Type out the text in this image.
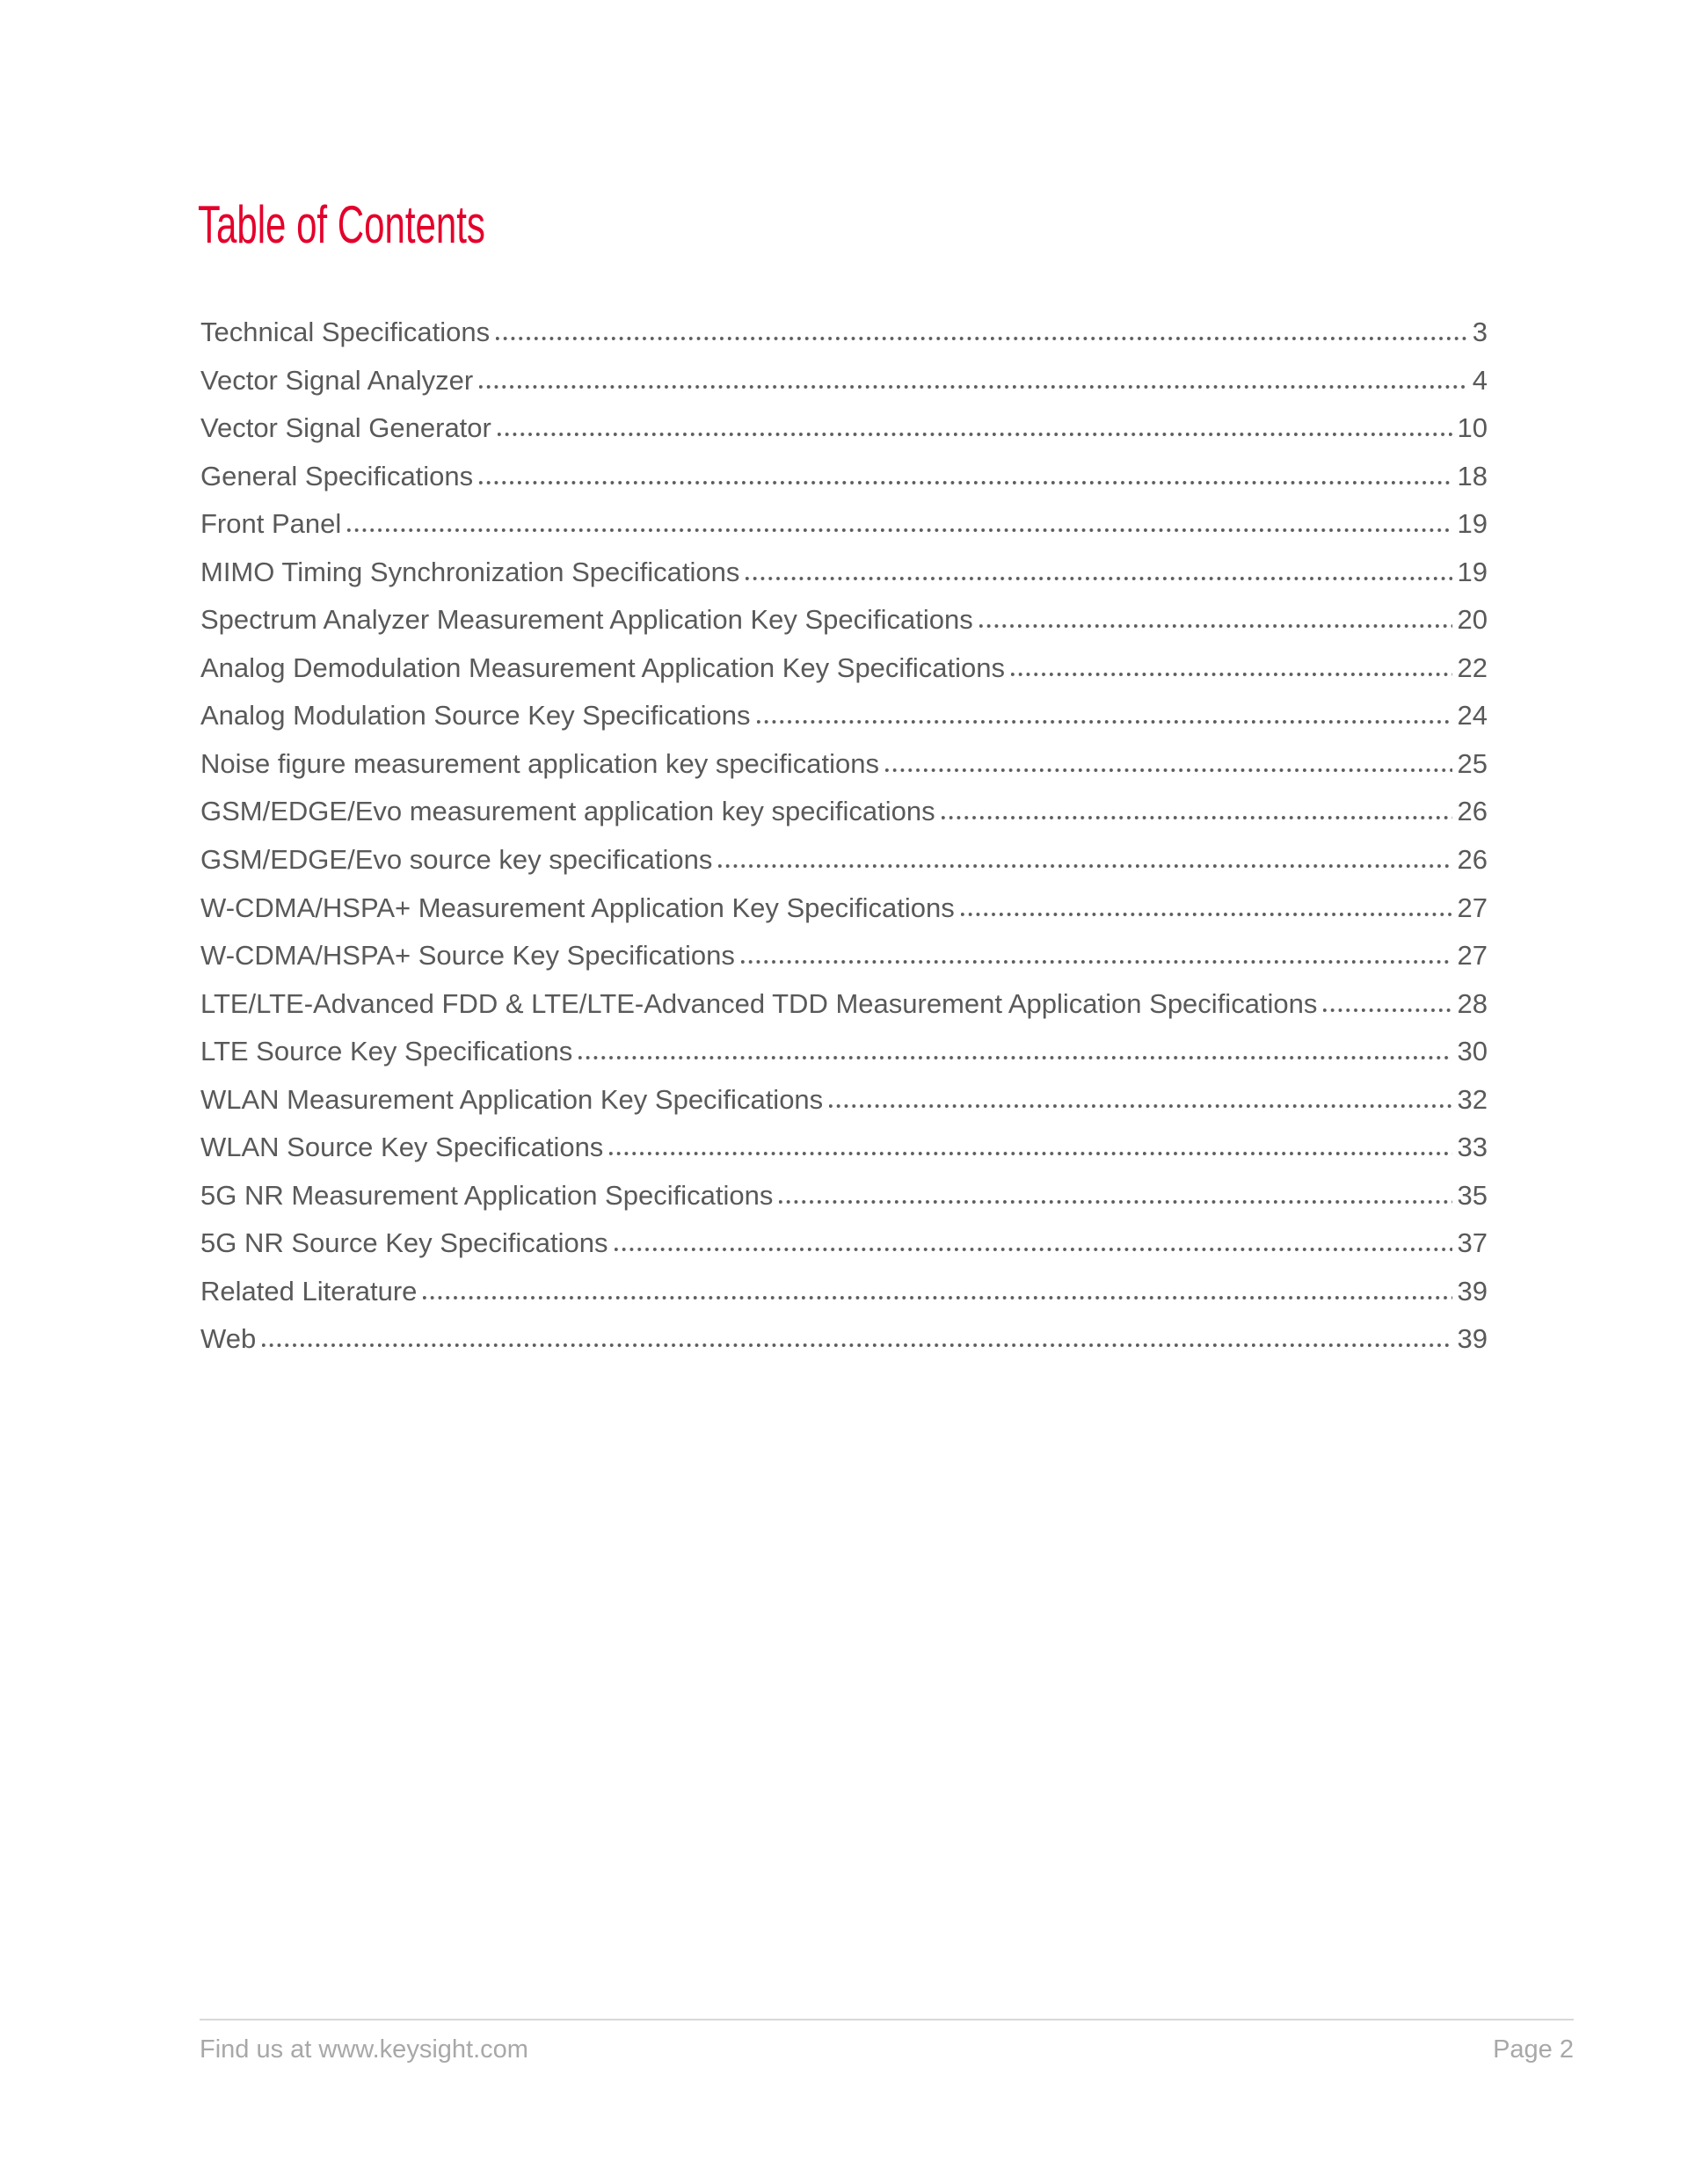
Table of Contents
Technical Specifications	3
Vector Signal Analyzer	4
Vector Signal Generator	10
General Specifications	18
Front Panel	19
MIMO Timing Synchronization Specifications	19
Spectrum Analyzer Measurement Application Key Specifications	20
Analog Demodulation Measurement Application Key Specifications	22
Analog Modulation Source Key Specifications	24
Noise figure measurement application key specifications	25
GSM/EDGE/Evo measurement application key specifications	26
GSM/EDGE/Evo source key specifications	26
W-CDMA/HSPA+ Measurement Application Key Specifications	27
W-CDMA/HSPA+ Source Key Specifications	27
LTE/LTE-Advanced FDD & LTE/LTE-Advanced TDD Measurement Application Specifications	28
LTE Source Key Specifications	30
WLAN Measurement Application Key Specifications	32
WLAN Source Key Specifications	33
5G NR Measurement Application Specifications	35
5G NR Source Key Specifications	37
Related Literature	39
Web	39
Find us at www.keysight.com	Page 2
